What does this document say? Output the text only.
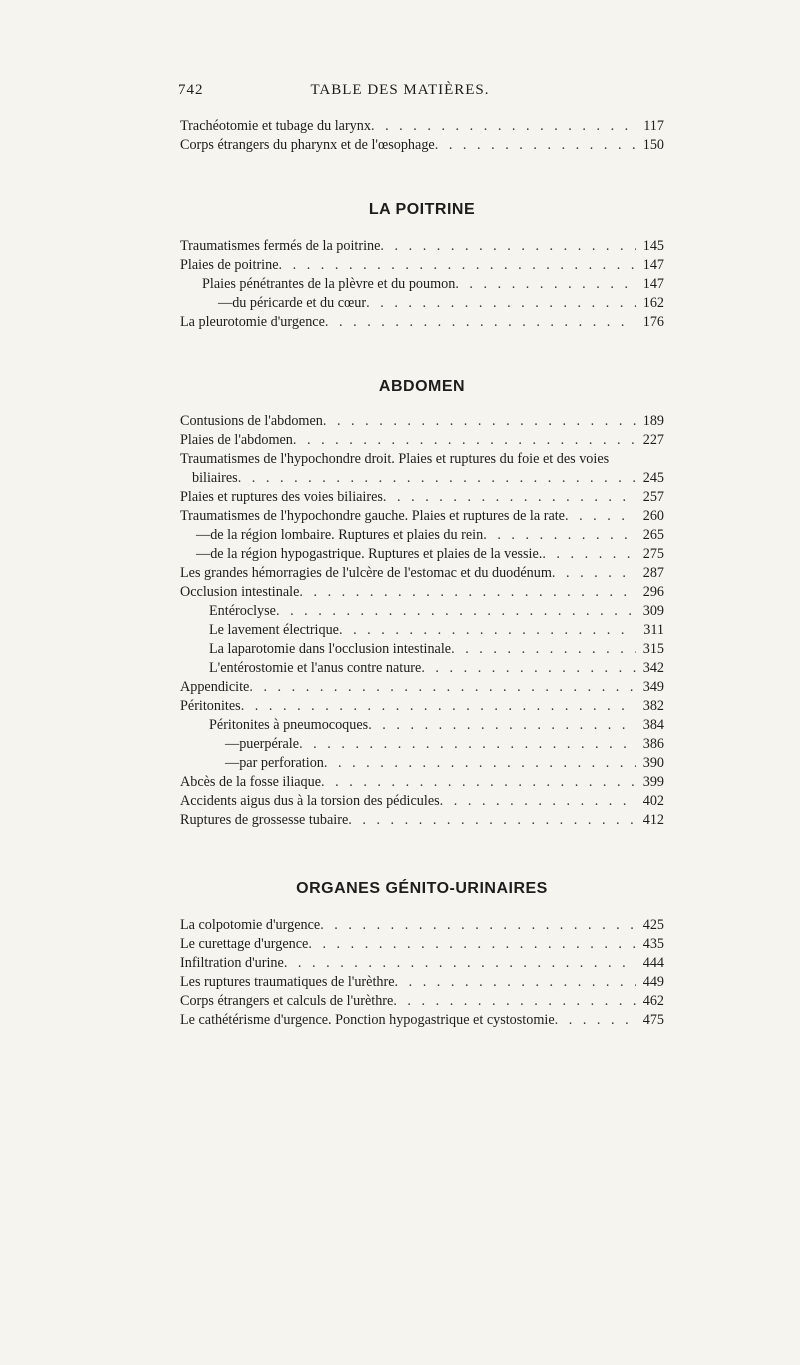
742	TABLE DES MATIÈRES.
Trachéotomie et tubage du larynx . . .	117
Corps étrangers du pharynx et de l'œsophage . . .	150
LA POITRINE
Traumatismes fermés de la poitrine . . .	145
Plaies de poitrine . . .	147
Plaies pénétrantes de la plèvre et du poumon . . .	147
— du péricarde et du cœur . . .	162
La pleurotomie d'urgence . . .	176
ABDOMEN
Contusions de l'abdomen . . .	189
Plaies de l'abdomen . . .	227
Traumatismes de l'hypochondre droit. Plaies et ruptures du foie et des voies
biliaires . . .	245
Plaies et ruptures des voies biliaires . . .	257
Traumatismes de l'hypochondre gauche. Plaies et ruptures de la rate . . .	260
— de la région lombaire. Ruptures et plaies du rein . . .	265
— de la région hypogastrique. Ruptures et plaies de la vessie. . . .	275
Les grandes hémorragies de l'ulcère de l'estomac et du duodénum . . .	287
Occlusion intestinale . . .	296
Entéroclyse . . .	309
Le lavement électrique . . .	311
La laparotomie dans l'occlusion intestinale . . .	315
L'entérostomie et l'anus contre nature . . .	342
Appendicite . . .	349
Péritonites . . .	382
Péritonites à pneumocoques . . .	384
— puerpérale . . .	386
— par perforation . . .	390
Abcès de la fosse iliaque . . .	399
Accidents aigus dus à la torsion des pédicules . . .	402
Ruptures de grossesse tubaire . . .	412
ORGANES GÉNITO-URINAIRES
La colpotomie d'urgence . . .	425
Le curettage d'urgence . . .	435
Infiltration d'urine . . .	444
Les ruptures traumatiques de l'urèthre . . .	449
Corps étrangers et calculs de l'urèthre . . .	462
Le cathétérisme d'urgence. Ponction hypogastrique et cystostomie . . .	475
